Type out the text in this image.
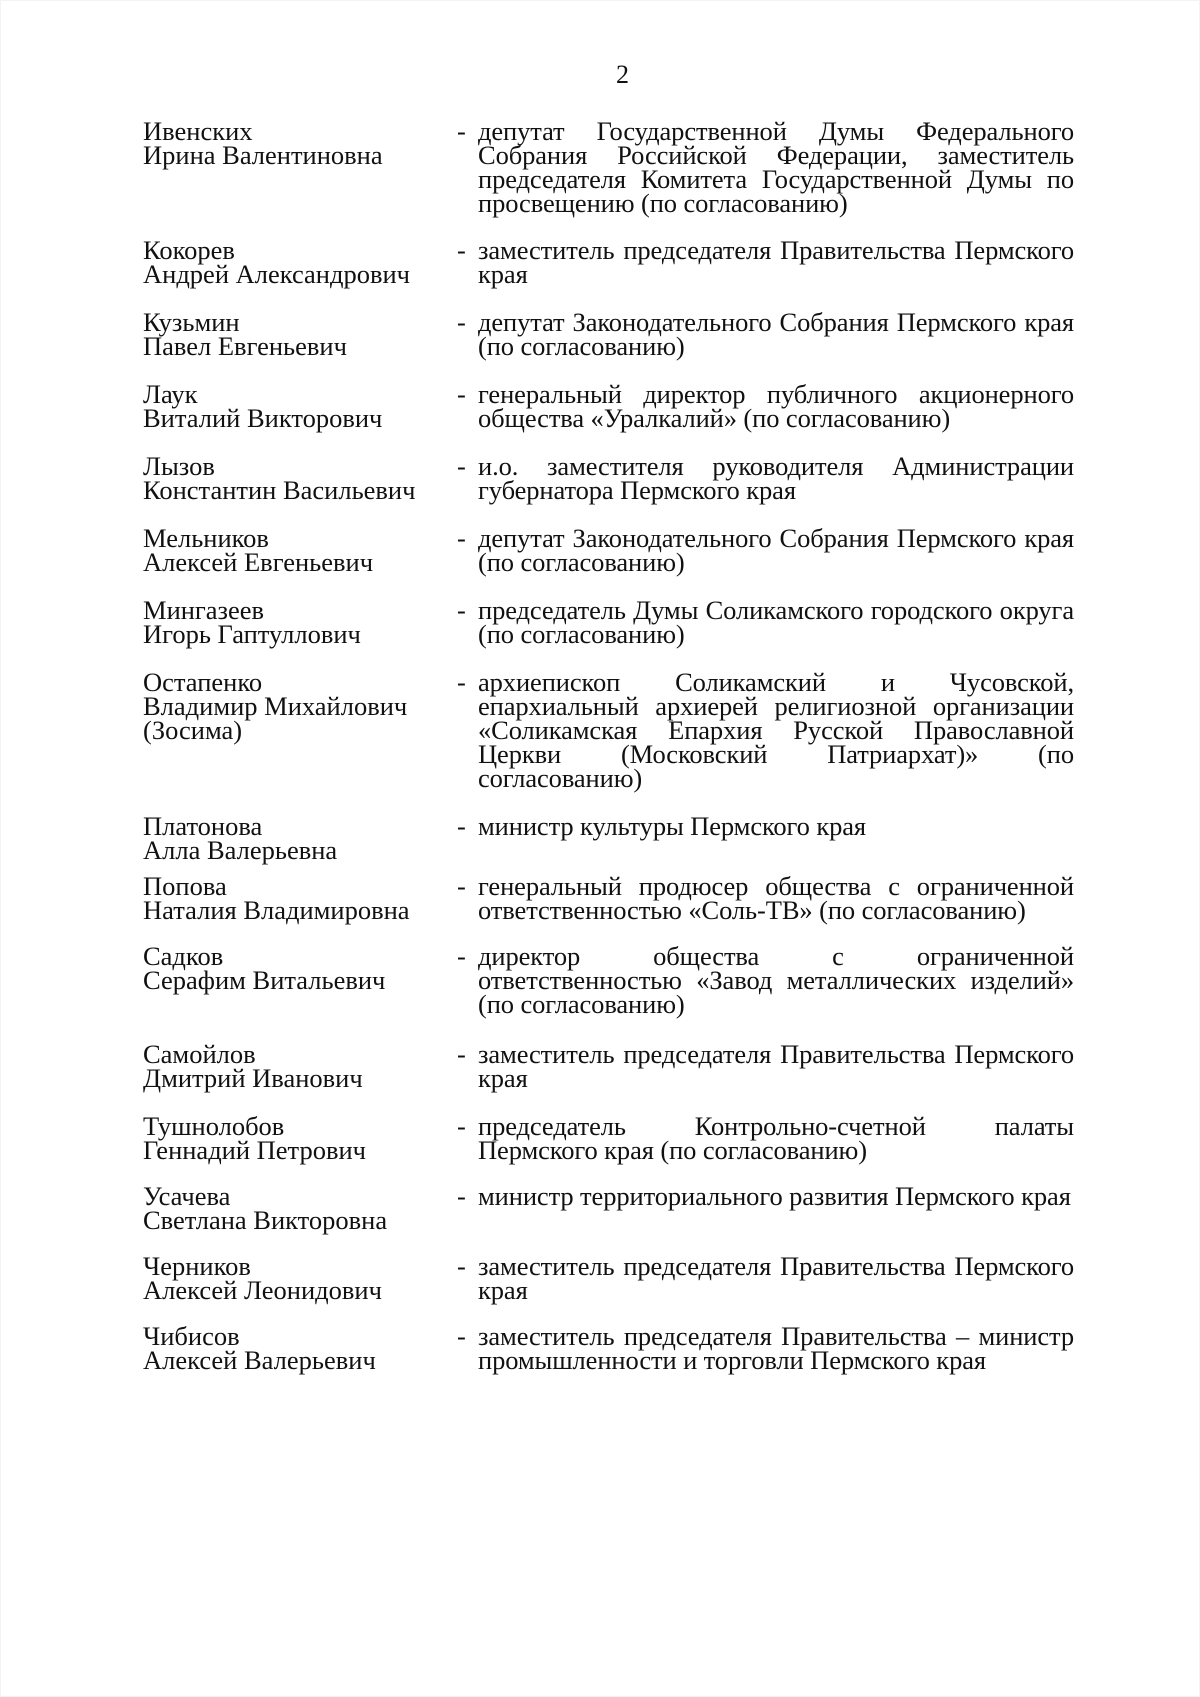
2
Ивенских
Ирина Валентиновна
- депутат Государственной Думы Федерального Собрания Российской Федерации, заместитель председателя Комитета Государственной Думы по просвещению (по согласованию)
Кокорев
Андрей Александрович
- заместитель председателя Правительства Пермского края
Кузьмин
Павел Евгеньевич
- депутат Законодательного Собрания Пермского края (по согласованию)
Лаук
Виталий Викторович
- генеральный директор публичного акционерного общества «Уралкалий» (по согласованию)
Лызов
Константин Васильевич
- и.о. заместителя руководителя Администрации губернатора Пермского края
Мельников
Алексей Евгеньевич
- депутат Законодательного Собрания Пермского края (по согласованию)
Мингазеев
Игорь Гаптуллович
- председатель Думы Соликамского городского округа (по согласованию)
Остапенко
Владимир Михайлович
(Зосима)
- архиепископ Соликамский и Чусовской, епархиальный архиерей религиозной организации «Соликамская Епархия Русской Православной Церкви (Московский Патриархат)» (по согласованию)
Платонова
Алла Валерьевна
- министр культуры Пермского края
Попова
Наталия Владимировна
- генеральный продюсер общества с ограниченной ответственностью «Соль-ТВ» (по согласованию)
Садков
Серафим Витальевич
- директор общества с ограниченной ответственностью «Завод металлических изделий» (по согласованию)
Самойлов
Дмитрий Иванович
- заместитель председателя Правительства Пермского края
Тушнолобов
Геннадий Петрович
- председатель Контрольно-счетной палаты Пермского края (по согласованию)
Усачева
Светлана Викторовна
- министр территориального развития Пермского края
Черников
Алексей Леонидович
- заместитель председателя Правительства Пермского края
Чибисов
Алексей Валерьевич
- заместитель председателя Правительства – министр промышленности и торговли Пермского края
